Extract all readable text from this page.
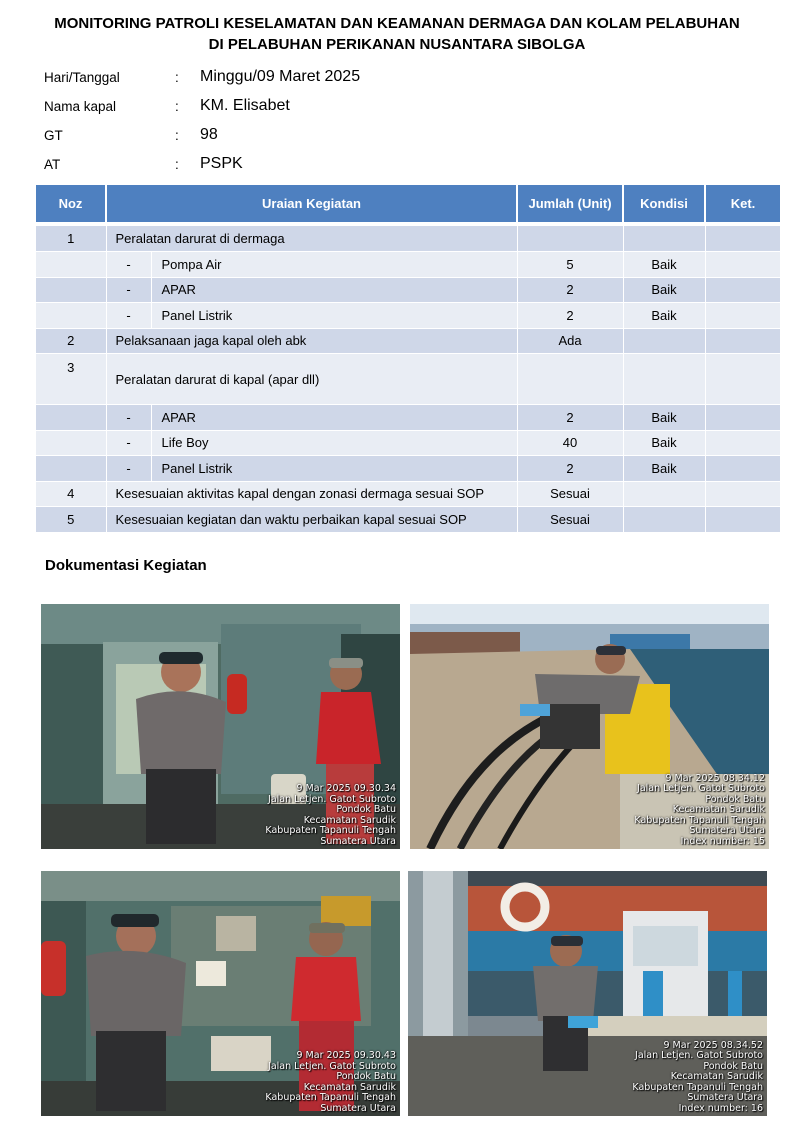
MONITORING PATROLI KESELAMATAN DAN KEAMANAN DERMAGA DAN KOLAM PELABUHAN
DI PELABUHAN PERIKANAN NUSANTARA SIBOLGA
Hari/Tanggal	: Minggu/09 Maret 2025
Nama kapal	: KM. Elisabet
GT	: 98
AT	: PSPK
Noz	Uraian Kegiatan		Jumlah (Unit)	Kondisi	Ket.

1	Peralatan darurat di dermaga				
	-	Pompa Air	5	Baik	
	-	APAR	2	Baik	
	-	Panel Listrik	2	Baik	
2	Pelaksanaan jaga kapal oleh abk		Ada		
3	Peralatan darurat di kapal (apar dll)				
	-	APAR	2	Baik	
	-	Life Boy	40	Baik	
	-	Panel Listrik	2	Baik	
4	Kesesuaian aktivitas kapal dengan zonasi dermaga sesuai SOP		Sesuai		
5	Kesesuaian kegiatan dan waktu perbaikan kapal sesuai SOP		Sesuai		
Dokumentasi Kegiatan
9 Mar 2025 09.30.34
Jalan Letjen. Gatot Subroto
Pondok Batu
Kecamatan Sarudik
Kabupaten Tapanuli Tengah
Sumatera Utara
9 Mar 2025 08.34.12
Jalan Letjen. Gatot Subroto
Pondok Batu
Kecamatan Sarudik
Kabupaten Tapanuli Tengah
Sumatera Utara
Index number: 15
9 Mar 2025 09.30.43
Jalan Letjen. Gatot Subroto
Pondok Batu
Kecamatan Sarudik
Kabupaten Tapanuli Tengah
Sumatera Utara
9 Mar 2025 08.34.52
Jalan Letjen. Gatot Subroto
Pondok Batu
Kecamatan Sarudik
Kabupaten Tapanuli Tengah
Sumatera Utara
Index number: 16
